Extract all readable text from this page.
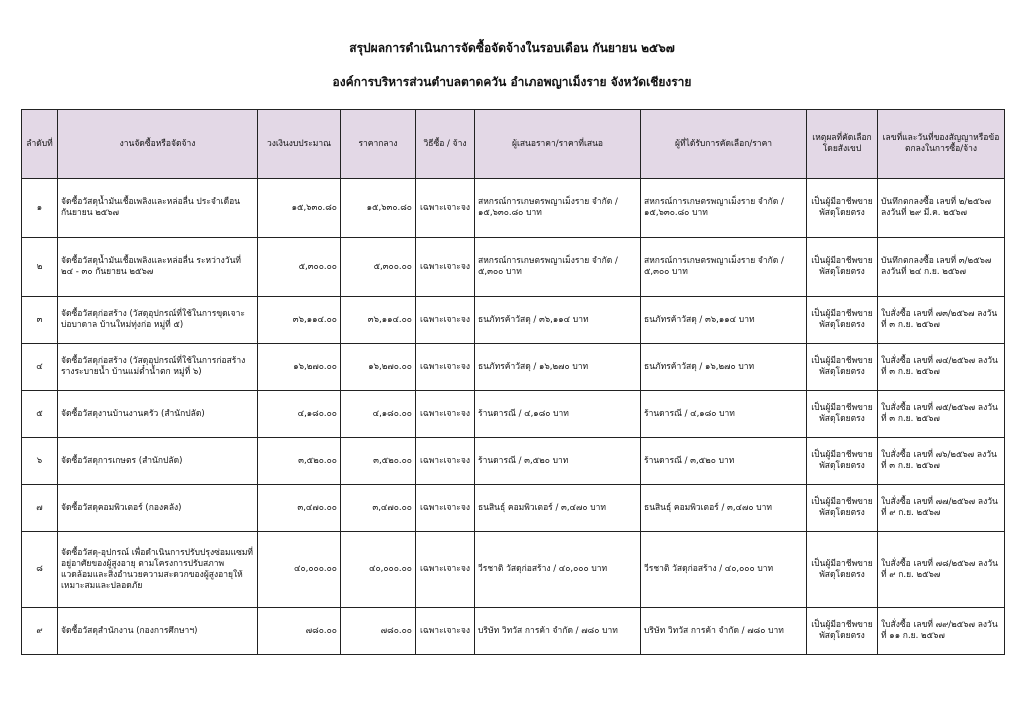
สรุปผลการดำเนินการจัดซื้อจัดจ้างในรอบเดือน กันยายน ๒๕๖๗
องค์การบริหารส่วนตำบลตาดควัน อำเภอพญาเม็งราย จังหวัดเชียงราย
ลำดับที่	งานจัดซื้อหรือจัดจ้าง	วงเงินงบประมาณ	ราคากลาง	วิธีซื้อ / จ้าง	ผู้เสนอราคา/ราคาที่เสนอ	ผู้ที่ได้รับการคัดเลือก/ราคา	เหตุผลที่คัดเลือกโดยสังเขป	เลขที่และวันที่ของสัญญาหรือข้อตกลงในการซื้อ/จ้าง
๑	จัดซื้อวัสดุน้ำมันเชื้อเพลิงและหล่อลื่น ประจำเดือน กันยายน ๒๕๖๗	๑๕,๖๓๐.๘๐	๑๕,๖๓๐.๘๐	เฉพาะเจาะจง	สหกรณ์การเกษตรพญาเม็งราย จำกัด / ๑๕,๖๓๐.๘๐ บาท	สหกรณ์การเกษตรพญาเม็งราย จำกัด / ๑๕,๖๓๐.๘๐ บาท	เป็นผู้มีอาชีพขายพัสดุโดยตรง	บันทึกตกลงซื้อ เลขที่ ๒/๒๕๖๗ ลงวันที่ ๒๙ มี.ค. ๒๕๖๗
๒	จัดซื้อวัสดุน้ำมันเชื้อเพลิงและหล่อลื่น ระหว่างวันที่ ๒๔ - ๓๐ กันยายน ๒๕๖๗	๕,๓๐๐.๐๐	๕,๓๐๐.๐๐	เฉพาะเจาะจง	สหกรณ์การเกษตรพญาเม็งราย จำกัด / ๕,๓๐๐ บาท	สหกรณ์การเกษตรพญาเม็งราย จำกัด / ๕,๓๐๐ บาท	เป็นผู้มีอาชีพขายพัสดุโดยตรง	บันทึกตกลงซื้อ เลขที่ ๓/๒๕๖๗ ลงวันที่ ๒๔ ก.ย. ๒๕๖๗
๓	จัดซื้อวัสดุก่อสร้าง (วัสดุอุปกรณ์ที่ใช้ในการขุดเจาะบ่อบาดาล บ้านใหม่ทุ่งก่อ หมู่ที่ ๕)	๓๖,๑๑๔.๐๐	๓๖,๑๑๔.๐๐	เฉพาะเจาะจง	ธนภัทรค้าวัสดุ / ๓๖,๑๑๔ บาท	ธนภัทรค้าวัสดุ / ๓๖,๑๑๔ บาท	เป็นผู้มีอาชีพขายพัสดุโดยตรง	ใบสั่งซื้อ เลขที่ ๗๓/๒๕๖๗ ลงวันที่ ๓ ก.ย. ๒๕๖๗
๔	จัดซื้อวัสดุก่อสร้าง (วัสดุอุปกรณ์ที่ใช้ในการก่อสร้างรางระบายน้ำ บ้านแม่ต๋ำน้ำตก หมู่ที่ ๖)	๑๖,๒๗๐.๐๐	๑๖,๒๗๐.๐๐	เฉพาะเจาะจง	ธนภัทรค้าวัสดุ / ๑๖,๒๗๐ บาท	ธนภัทรค้าวัสดุ / ๑๖,๒๗๐ บาท	เป็นผู้มีอาชีพขายพัสดุโดยตรง	ใบสั่งซื้อ เลขที่ ๗๔/๒๕๖๗ ลงวันที่ ๓ ก.ย. ๒๕๖๗
๕	จัดซื้อวัสดุงานบ้านงานครัว (สำนักปลัด)	๔,๑๘๐.๐๐	๔,๑๘๐.๐๐	เฉพาะเจาะจง	ร้านดารณี / ๔,๑๘๐ บาท	ร้านดารณี / ๔,๑๘๐ บาท	เป็นผู้มีอาชีพขายพัสดุโดยตรง	ใบสั่งซื้อ เลขที่ ๗๕/๒๕๖๗ ลงวันที่ ๓ ก.ย. ๒๕๖๗
๖	จัดซื้อวัสดุการเกษตร (สำนักปลัด)	๓,๕๒๐.๐๐	๓,๕๒๐.๐๐	เฉพาะเจาะจง	ร้านดารณี / ๓,๕๒๐ บาท	ร้านดารณี / ๓,๕๒๐ บาท	เป็นผู้มีอาชีพขายพัสดุโดยตรง	ใบสั่งซื้อ เลขที่ ๗๖/๒๕๖๗ ลงวันที่ ๓ ก.ย. ๒๕๖๗
๗	จัดซื้อวัสดุคอมพิวเตอร์ (กองคลัง)	๓,๔๗๐.๐๐	๓,๔๗๐.๐๐	เฉพาะเจาะจง	ธนสินธุ์ คอมพิวเตอร์ / ๓,๔๗๐ บาท	ธนสินธุ์ คอมพิวเตอร์ / ๓,๔๗๐ บาท	เป็นผู้มีอาชีพขายพัสดุโดยตรง	ใบสั่งซื้อ เลขที่ ๗๗/๒๕๖๗ ลงวันที่ ๙ ก.ย. ๒๕๖๗
๘	จัดซื้อวัสดุ-อุปกรณ์ เพื่อดำเนินการปรับปรุงซ่อมแซมที่อยู่อาศัยของผู้สูงอายุ ตามโครงการปรับสภาพแวดล้อมและสิ่งอำนวยความสะดวกของผู้สูงอายุให้เหมาะสมและปลอดภัย	๔๐,๐๐๐.๐๐	๔๐,๐๐๐.๐๐	เฉพาะเจาะจง	วีรชาติ วัสดุก่อสร้าง / ๔๐,๐๐๐ บาท	วีรชาติ วัสดุก่อสร้าง / ๔๐,๐๐๐ บาท	เป็นผู้มีอาชีพขายพัสดุโดยตรง	ใบสั่งซื้อ เลขที่ ๗๘/๒๕๖๗ ลงวันที่ ๙ ก.ย. ๒๕๖๗
๙	จัดซื้อวัสดุสำนักงาน (กองการศึกษาฯ)	๗๘๐.๐๐	๗๘๐.๐๐	เฉพาะเจาะจง	บริษัท วิทวัส การค้า จำกัด / ๗๘๐ บาท	บริษัท วิทวัส การค้า จำกัด / ๗๘๐ บาท	เป็นผู้มีอาชีพขายพัสดุโดยตรง	ใบสั่งซื้อ เลขที่ ๗๙/๒๕๖๗ ลงวันที่ ๑๑ ก.ย. ๒๕๖๗
